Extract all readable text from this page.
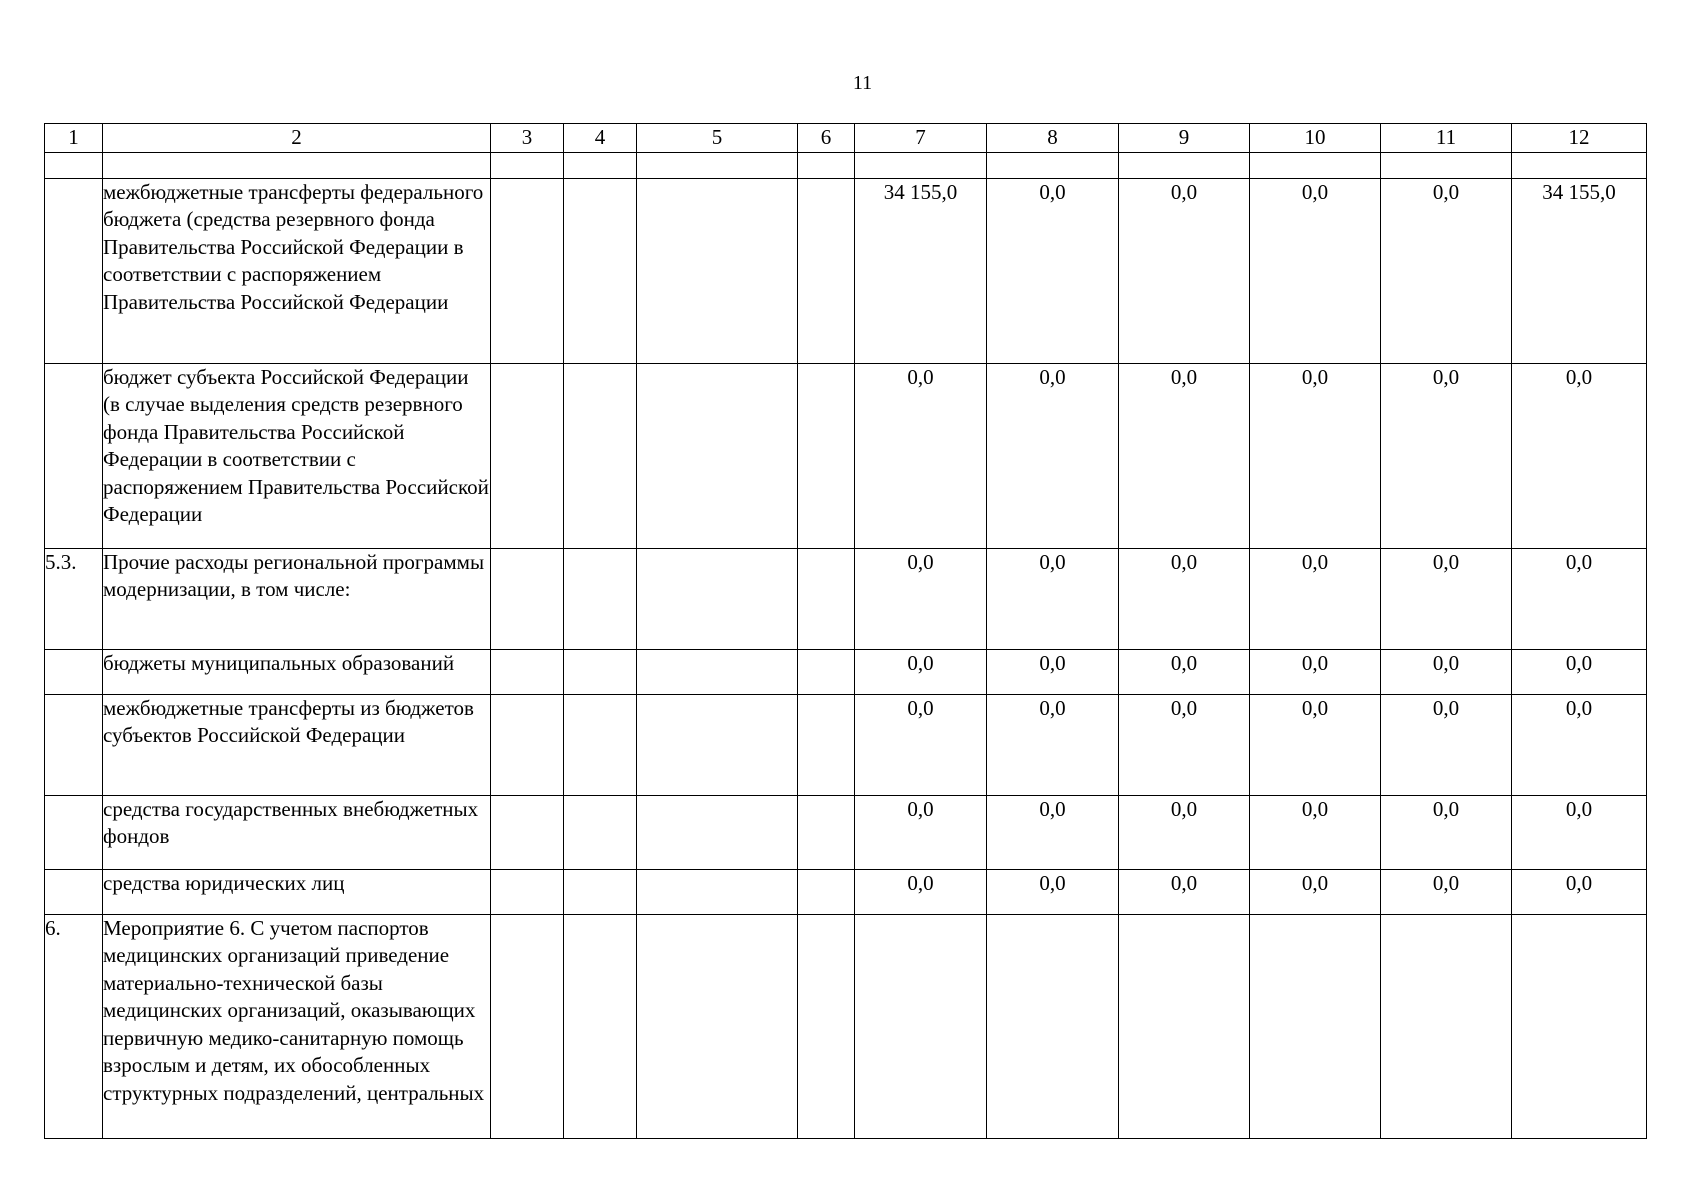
11
1	2	3	4	5	6	7	8	9	10	11	12

	межбюджетные трансферты федерального бюджета (средства резервного фонда Правительства Российской Федерации в соответствии с распоряжением Правительства Российской Федерации					34 155,0	0,0	0,0	0,0	0,0	34 155,0
	бюджет субъекта Российской Федерации (в случае выделения средств резервного фонда Правительства Российской Федерации в соответствии с распоряжением Правительства Российской Федерации					0,0	0,0	0,0	0,0	0,0	0,0
5.3.	Прочие расходы региональной программы модернизации, в том числе:					0,0	0,0	0,0	0,0	0,0	0,0
	бюджеты муниципальных образований					0,0	0,0	0,0	0,0	0,0	0,0
	межбюджетные трансферты из бюджетов субъектов Российской Федерации					0,0	0,0	0,0	0,0	0,0	0,0
	средства государственных внебюджетных фондов					0,0	0,0	0,0	0,0	0,0	0,0
	средства юридических лиц					0,0	0,0	0,0	0,0	0,0	0,0
6.	Мероприятие 6. С учетом паспортов медицинских организаций приведение материально-технической базы медицинских организаций, оказывающих первичную медико-санитарную помощь взрослым и детям, их обособленных структурных подразделений, центральных										
